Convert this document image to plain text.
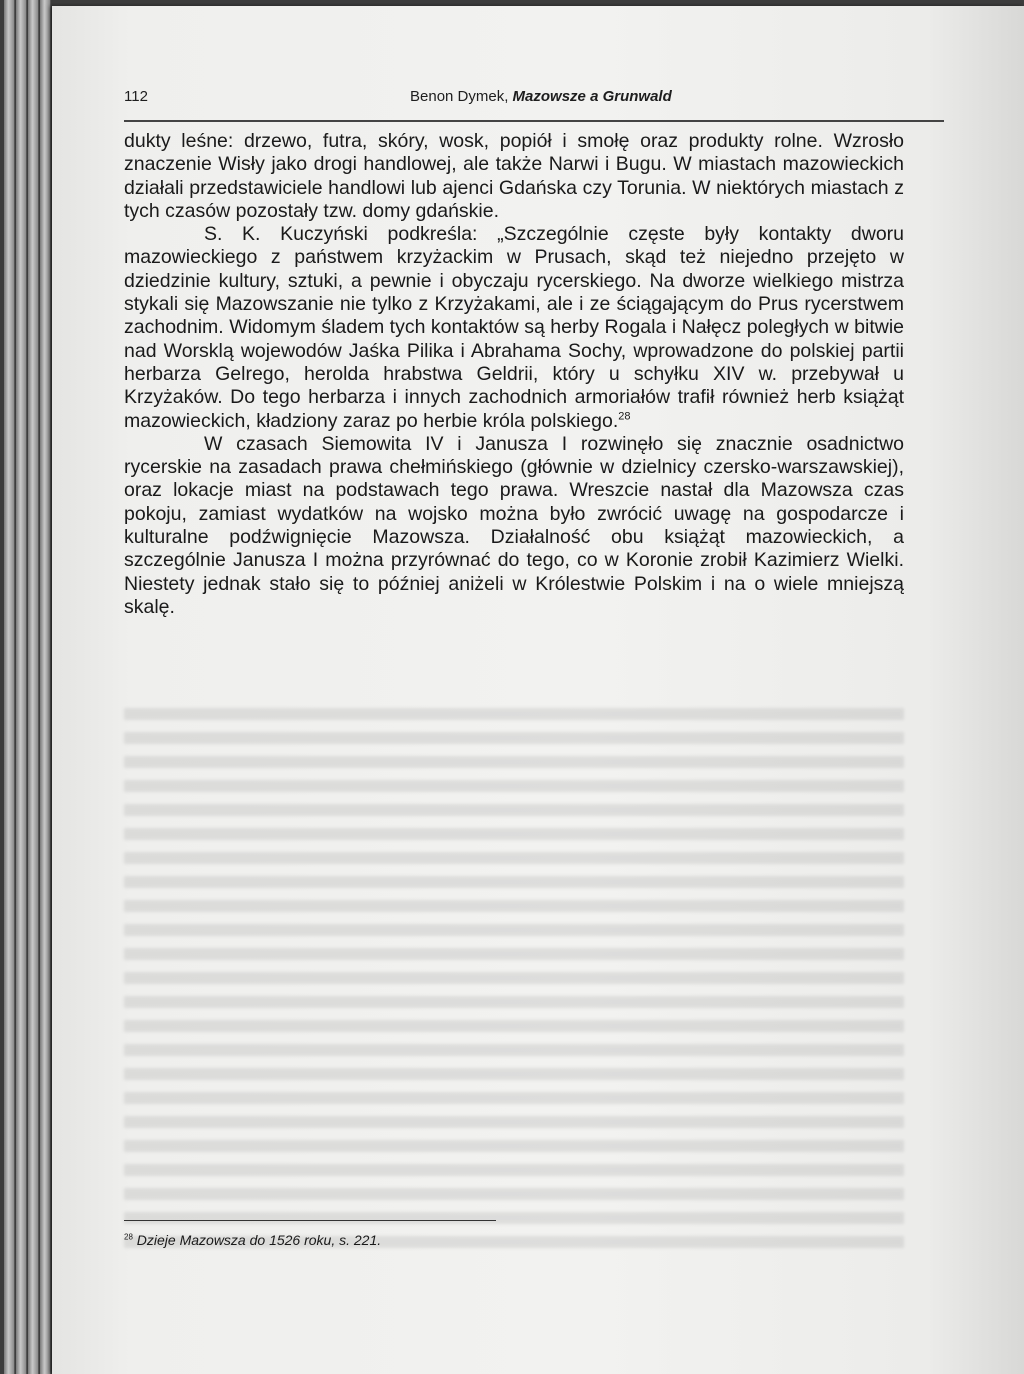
112	Benon Dymek, Mazowsze a Grunwald

dukty leśne: drzewo, futra, skóry, wosk, popiół i smołę oraz produkty rolne. Wzrosło znaczenie Wisły jako drogi handlowej, ale także Narwi i Bugu. W miastach mazowieckich działali przedstawiciele handlowi lub ajenci Gdańska czy Torunia. W niektórych miastach z tych czasów pozostały tzw. domy gdańskie.

S. K. Kuczyński podkreśla: „Szczególnie częste były kontakty dworu mazowieckiego z państwem krzyżackim w Prusach, skąd też niejedno przejęto w dziedzinie kultury, sztuki, a pewnie i obyczaju rycerskiego. Na dworze wielkiego mistrza stykali się Mazowszanie nie tylko z Krzyżakami, ale i ze ściągającym do Prus rycerstwem zachodnim. Widomym śladem tych kontaktów są herby Rogala i Nałęcz poległych w bitwie nad Worsklą wojewodów Jaśka Pilika i Abrahama Sochy, wprowadzone do polskiej partii herbarza Gelrego, herolda hrabstwa Geldrii, który u schyłku XIV w. przebywał u Krzyżaków. Do tego herbarza i innych zachodnich armoriałów trafił również herb książąt mazowieckich, kładziony zaraz po herbie króla polskiego.$^{28}$

W czasach Siemowita IV i Janusza I rozwinęło się znacznie osadnictwo rycerskie na zasadach prawa chełmińskiego (głównie w dzielnicy czersko-warszawskiej), oraz lokacje miast na podstawach tego prawa. Wreszcie nastał dla Mazowsza czas pokoju, zamiast wydatków na wojsko można było zwrócić uwagę na gospodarcze i kulturalne podźwignięcie Mazowsza. Działalność obu książąt mazowieckich, a szczególnie Janusza I można przyrównać do tego, co w Koronie zrobił Kazimierz Wielki. Niestety jednak stało się to później aniżeli w Królestwie Polskim i na o wiele mniejszą skalę.

$^{28}$ Dzieje Mazowsza do 1526 roku, s. 221.
